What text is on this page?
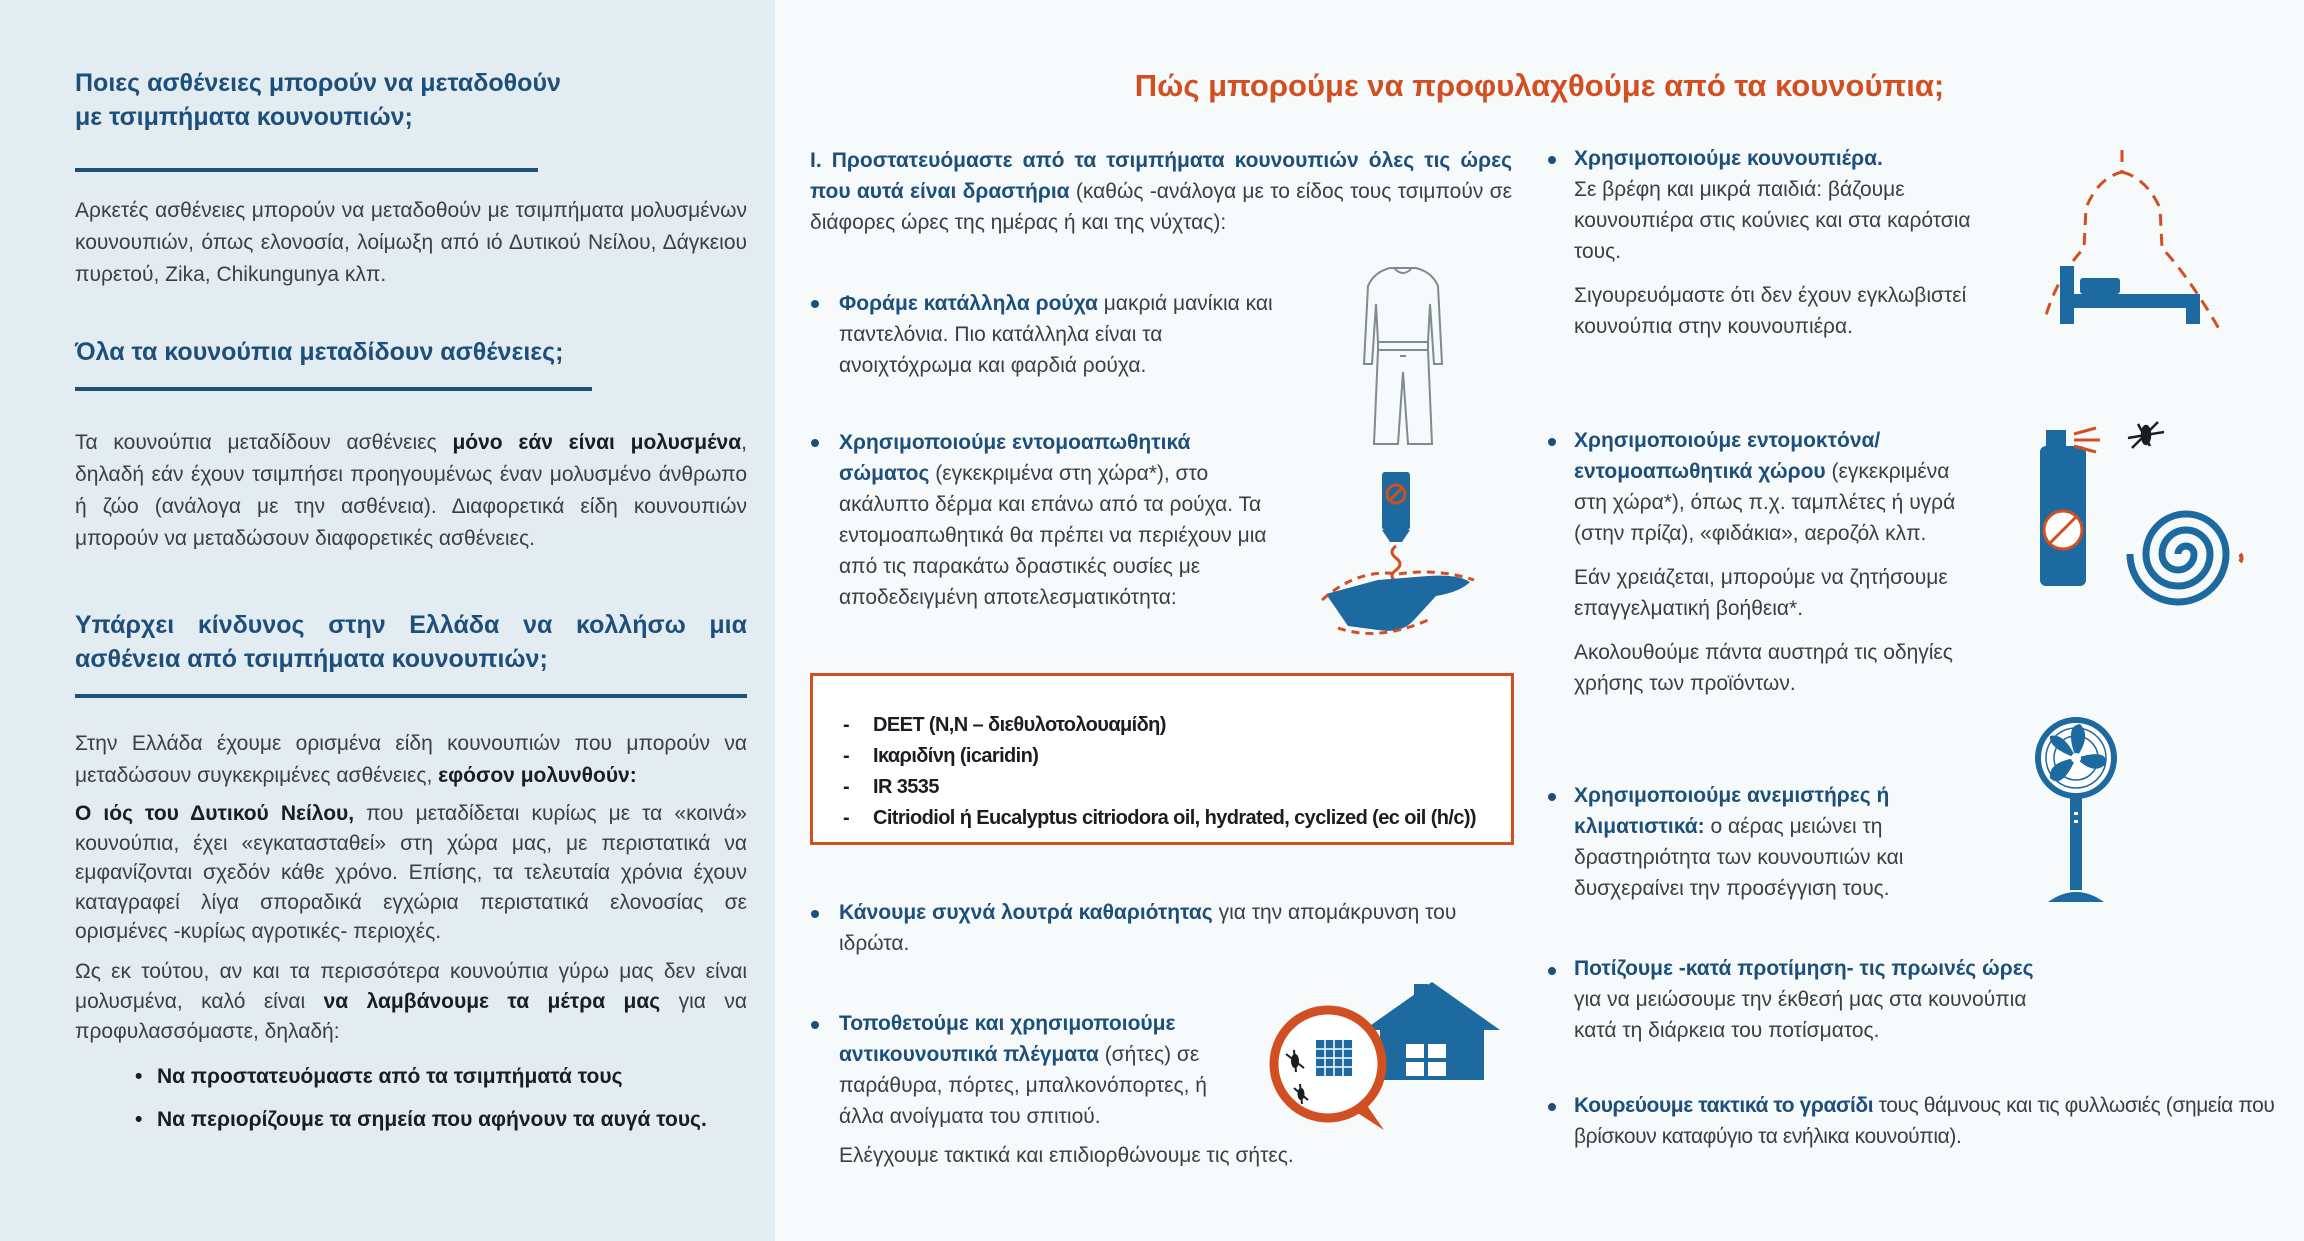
Ποιες ασθένειες μπορούν να μεταδοθούν
με τσιμπήματα κουνουπιών;

Αρκετές ασθένειες μπορούν να μεταδοθούν με τσιμπήματα μολυσμένων κουνουπιών, όπως ελονοσία, λοίμωξη από ιό Δυτικού Νείλου, Δάγκειου πυρετού, Zika, Chikungunya κλπ.

Όλα τα κουνούπια μεταδίδουν ασθένειες;

Τα κουνούπια μεταδίδουν ασθένειες μόνο εάν είναι μολυσμένα, δηλαδή εάν έχουν τσιμπήσει προηγουμένως έναν μολυσμένο άνθρωπο ή ζώο (ανάλογα με την ασθένεια). Διαφορετικά είδη κουνουπιών μπορούν να μεταδώσουν διαφορετικές ασθένειες.

Υπάρχει κίνδυνος στην Ελλάδα να κολλήσω μια ασθένεια από τσιμπήματα κουνουπιών;

Στην Ελλάδα έχουμε ορισμένα είδη κουνουπιών που μπορούν να μεταδώσουν συγκεκριμένες ασθένειες, εφόσον μολυνθούν:

Ο ιός του Δυτικού Νείλου, που μεταδίδεται κυρίως με τα «κοινά» κουνούπια, έχει «εγκατασταθεί» στη χώρα μας, με περιστατικά να εμφανίζονται σχεδόν κάθε χρόνο. Επίσης, τα τελευταία χρόνια έχουν καταγραφεί λίγα σποραδικά εγχώρια περιστατικά ελονοσίας σε ορισμένες -κυρίως αγροτικές- περιοχές.

Ως εκ τούτου, αν και τα περισσότερα κουνούπια γύρω μας δεν είναι μολυσμένα, καλό είναι να λαμβάνουμε τα μέτρα μας για να προφυλασσόμαστε, δηλαδή:

• Να προστατευόμαστε από τα τσιμπήματά τους
• Να περιορίζουμε τα σημεία που αφήνουν τα αυγά τους.
Πώς μπορούμε να προφυλαχθούμε από τα κουνούπια;

I. Προστατευόμαστε από τα τσιμπήματα κουνουπιών όλες τις ώρες που αυτά είναι δραστήρια (καθώς -ανάλογα με το είδος τους τσιμπούν σε διάφορες ώρες της ημέρας ή και της νύχτας):

Φοράμε κατάλληλα ρούχα μακριά μανίκια και παντελόνια. Πιο κατάλληλα είναι τα ανοιχτόχρωμα και φαρδιά ρούχα.

Χρησιμοποιούμε εντομοαπωθητικά σώματος (εγκεκριμένα στη χώρα*), στο ακάλυπτο δέρμα και επάνω από τα ρούχα. Τα εντομοαπωθητικά θα πρέπει να περιέχουν μια από τις παρακάτω δραστικές ουσίες με αποδεδειγμένη αποτελεσματικότητα:

- DEET (N,N – διεθυλοτολουαμίδη)
- Ικαριδίνη (icaridin)
- IR 3535
- Citriodiol ή Eucalyptus citriodora oil, hydrated, cyclized (ec oil (h/c))

Κάνουμε συχνά λουτρά καθαριότητας για την απομάκρυνση του ιδρώτα.

Τοποθετούμε και χρησιμοποιούμε αντικουνουπικά πλέγματα (σήτες) σε παράθυρα, πόρτες, μπαλκονόπορτες, ή άλλα ανοίγματα του σπιτιού.

Ελέγχουμε τακτικά και επιδιορθώνουμε τις σήτες.

Χρησιμοποιούμε κουνουπιέρα.
Σε βρέφη και μικρά παιδιά: βάζουμε κουνουπιέρα στις κούνιες και στα καρότσια τους.

Σιγουρευόμαστε ότι δεν έχουν εγκλωβιστεί κουνούπια στην κουνουπιέρα.

Χρησιμοποιούμε εντομοκτόνα/ εντομοαπωθητικά χώρου (εγκεκριμένα στη χώρα*), όπως π.χ. ταμπλέτες ή υγρά (στην πρίζα), «φιδάκια», αεροζόλ κλπ.

Εάν χρειάζεται, μπορούμε να ζητήσουμε επαγγελματική βοήθεια*.

Ακολουθούμε πάντα αυστηρά τις οδηγίες χρήσης των προϊόντων.

Χρησιμοποιούμε ανεμιστήρες ή κλιματιστικά: ο αέρας μειώνει τη δραστηριότητα των κουνουπιών και δυσχεραίνει την προσέγγιση τους.

Ποτίζουμε -κατά προτίμηση- τις πρωινές ώρες για να μειώσουμε την έκθεσή μας στα κουνούπια κατά τη διάρκεια του ποτίσματος.

Κουρεύουμε τακτικά το γρασίδι τους θάμνους και τις φυλλωσιές (σημεία που βρίσκουν καταφύγιο τα ενήλικα κουνούπια).
